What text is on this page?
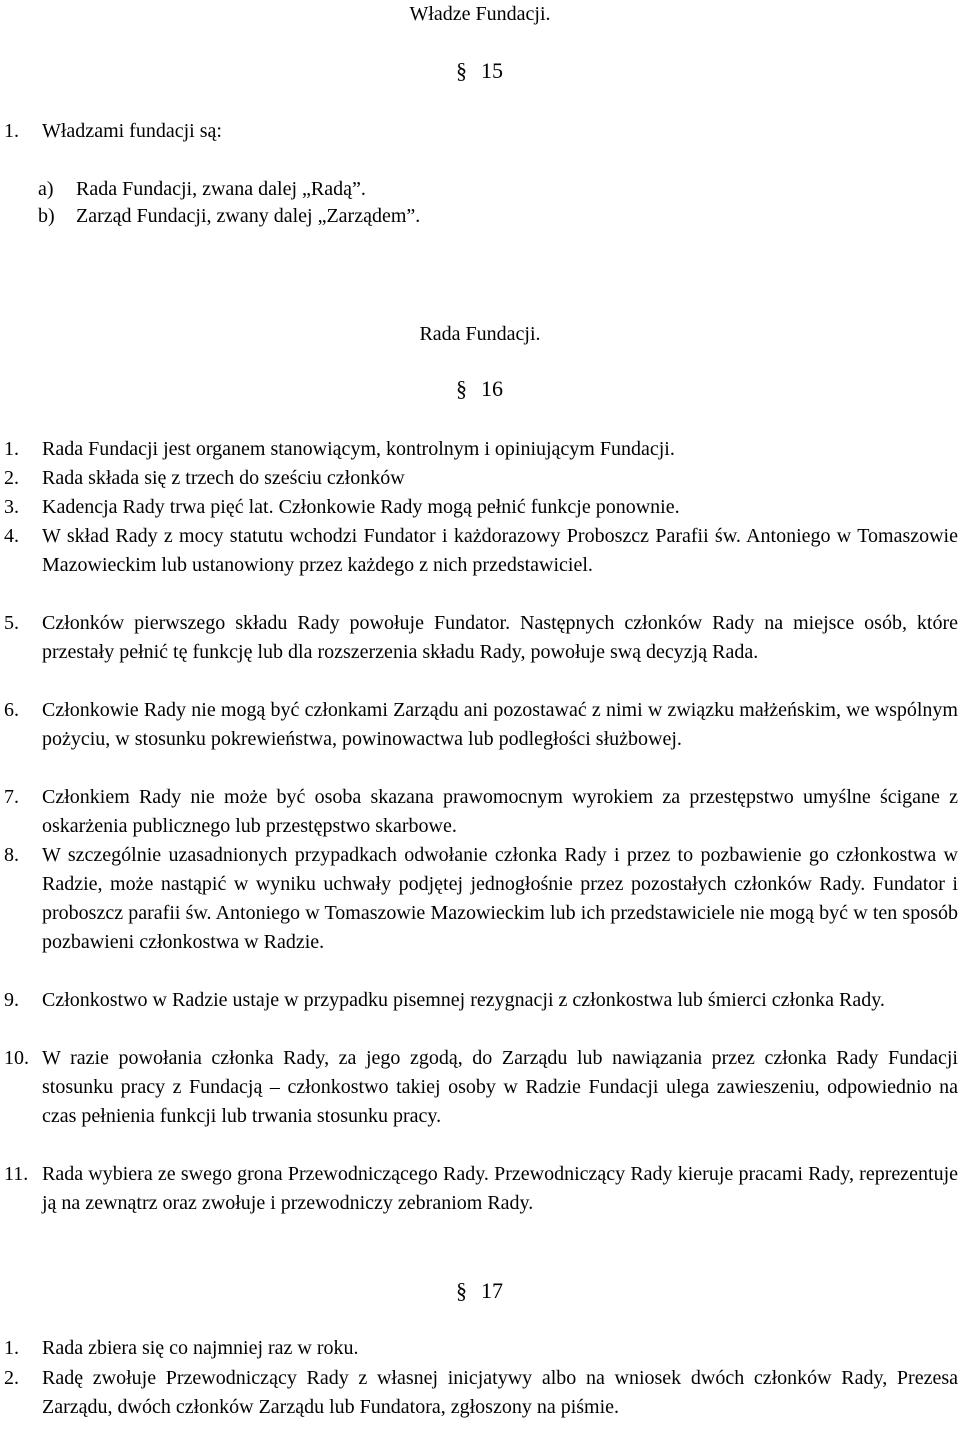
Władze Fundacji.
§ 15
1. Władzami fundacji są:
a) Rada Fundacji, zwana dalej „Radą”.
b) Zarząd Fundacji, zwany dalej „Zarządem”.
Rada Fundacji.
§ 16
1. Rada Fundacji jest organem stanowiącym, kontrolnym i opiniującym Fundacji.
2. Rada składa się z trzech do sześciu członków
3. Kadencja Rady trwa pięć lat. Członkowie Rady mogą pełnić funkcje ponownie.
4. W skład Rady z mocy statutu wchodzi Fundator i każdorazowy Proboszcz Parafii św. Antoniego w Tomaszowie Mazowieckim lub ustanowiony przez każdego z nich przedstawiciel.
5. Członków pierwszego składu Rady powołuje Fundator. Następnych członków Rady na miejsce osób, które przestały pełnić tę funkcję lub dla rozszerzenia składu Rady, powołuje swą decyzją Rada.
6. Członkowie Rady nie mogą być członkami Zarządu ani pozostawać z nimi w związku małżeńskim, we wspólnym pożyciu, w stosunku pokrewieństwa, powinowactwa lub podległości służbowej.
7. Członkiem Rady nie może być osoba skazana prawomocnym wyrokiem za przestępstwo umyślne ścigane z oskarżenia publicznego lub przestępstwo skarbowe.
8. W szczególnie uzasadnionych przypadkach odwołanie członka Rady i przez to pozbawienie go członkostwa w Radzie, może nastąpić w wyniku uchwały podjętej jednogłośnie przez pozostałych członków Rady. Fundator i proboszcz parafii św. Antoniego w Tomaszowie Mazowieckim lub ich przedstawiciele nie mogą być w ten sposób pozbawieni członkostwa w Radzie.
9. Członkostwo w Radzie ustaje w przypadku pisemnej rezygnacji z członkostwa lub śmierci członka Rady.
10. W razie powołania członka Rady, za jego zgodą, do Zarządu lub nawiązania przez członka Rady Fundacji stosunku pracy z Fundacją – członkostwo takiej osoby w Radzie Fundacji ulega zawieszeniu, odpowiednio na czas pełnienia funkcji lub trwania stosunku pracy.
11. Rada wybiera ze swego grona Przewodniczącego Rady. Przewodniczący Rady kieruje pracami Rady, reprezentuje ją na zewnątrz oraz zwołuje i przewodniczy zebraniom Rady.
§ 17
1. Rada zbiera się co najmniej raz w roku.
2. Radę zwołuje Przewodniczący Rady z własnej inicjatywy albo na wniosek dwóch członków Rady, Prezesa Zarządu, dwóch członków Zarządu lub Fundatora, zgłoszony na piśmie.
